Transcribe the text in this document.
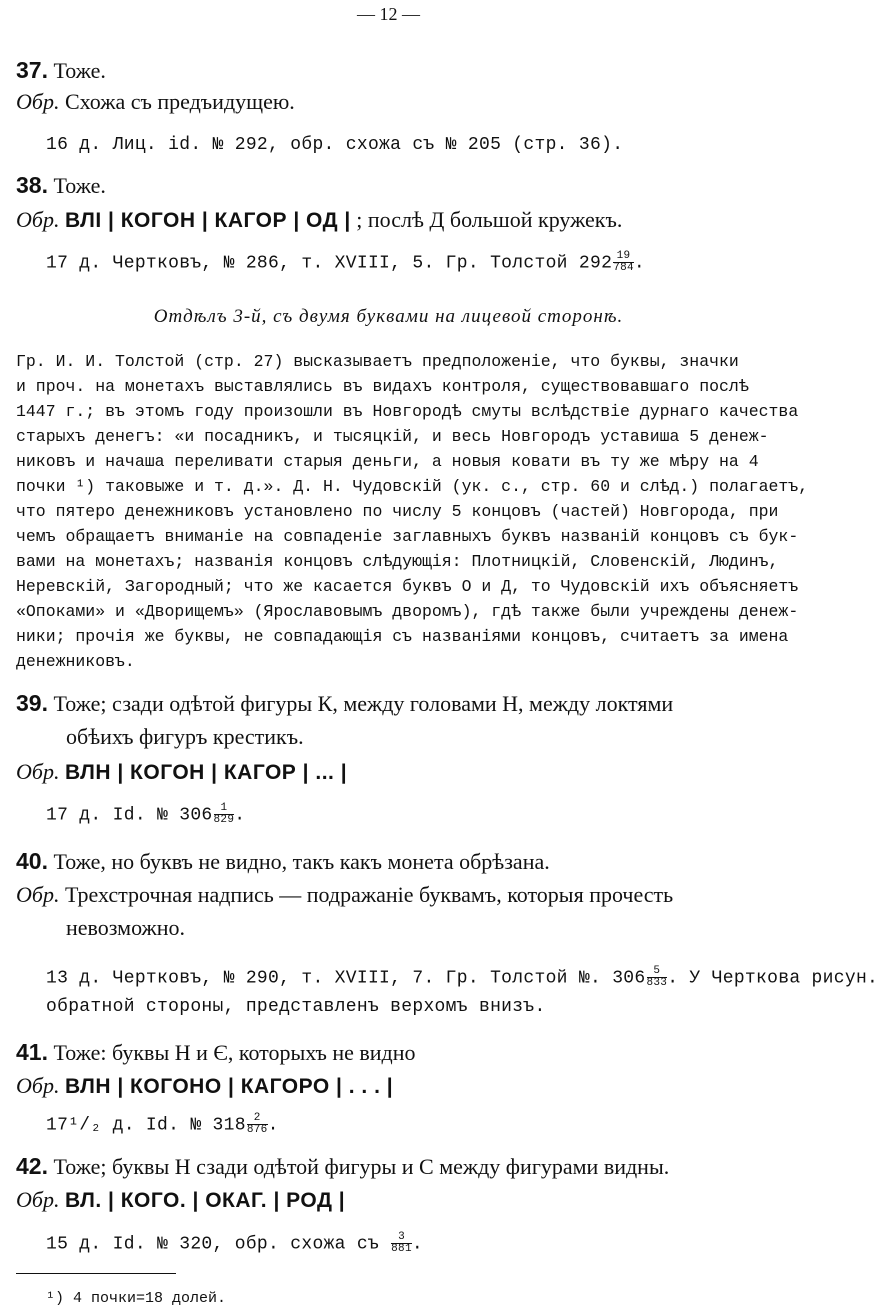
— 12 —
37. Тоже.
Обр. Схожа съ предъидущею.
16 д. Лиц. id. № 292, обр. схожа съ № 205 (стр. 36).
38. Тоже.
Обр. ВЛІ | КОГОН | КАГОР | ОД | ; послѣ Д большой кружекъ.
17 д. Чертковъ, № 286, т. XVIII, 5. Гр. Толстой $292 \frac{19}{784}$ .
Отдѣлъ 3-й, съ двумя буквами на лицевой сторонѣ.
Гр. И. И. Толстой (стр. 27) высказываетъ предположеніе, что буквы, значки
и проч. на монетахъ выставлялись въ видахъ контроля, существовавшаго послѣ
1447 г.; въ этомъ году произошли въ Новгородѣ смуты вслѣдствіе дурнаго качества
старыхъ денегъ: «и посадникъ, и тысяцкій, и весь Новгородъ уставиша 5 денеж-
никовъ и начаша переливати старыя деньги, а новыя ковати въ ту же мѣру на 4
почки ¹) таковыже и т. д.». Д. Н. Чудовскій (ук. с., стр. 60 и слѣд.) полагаетъ,
что пятеро денежниковъ установлено по числу 5 концовъ (частей) Новгорода, при
чемъ обращаетъ вниманіе на совпаденіе заглавныхъ буквъ названій концовъ съ бук-
вами на монетахъ; названія концовъ слѣдующія: Плотницкій, Словенскій, Людинъ,
Неревскій, Загородный; что же касается буквъ О и Д, то Чудовскій ихъ объясняетъ
«Опоками» и «Дворищемъ» (Ярославовымъ дворомъ), гдѣ также были учреждены денеж-
ники; прочія же буквы, не совпадающія съ названіями концовъ, считаетъ за имена
денежниковъ.
39. Тоже; сзади одѣтой фигуры К, между головами Н, между локтями
обѣихъ фигуръ крестикъ.
Обр. ВЛН | КОГОН | КАГОР | ... |
17 д. Id. № $306 \frac{1}{829}$ .
40. Тоже, но буквъ не видно, такъ какъ монета обрѣзана.
Обр. Трехстрочная надпись — подражаніе буквамъ, которыя прочесть
невозможно.
13 д. Чертковъ, № 290, т. XVIII, 7. Гр. Толстой №. $306 \frac{5}{833}$ . У Черткова рисун.
обратной стороны, представленъ верхомъ внизъ.
41. Тоже: буквы Н и Є, которыхъ не видно
Обр. ВЛН | КОГОНО | КАГОРО | . . . |
17¹/₂ д. Id. № $318 \frac{2}{876}$ .
42. Тоже; буквы Н сзади одѣтой фигуры и С между фигурами видны.
Обр. ВЛ. | КОГО. | ОКАГ. | РОД |
15 д. Id. № 320, обр. схожа съ $\frac{3}{881}$ .
¹) 4 почки=18 долей.
